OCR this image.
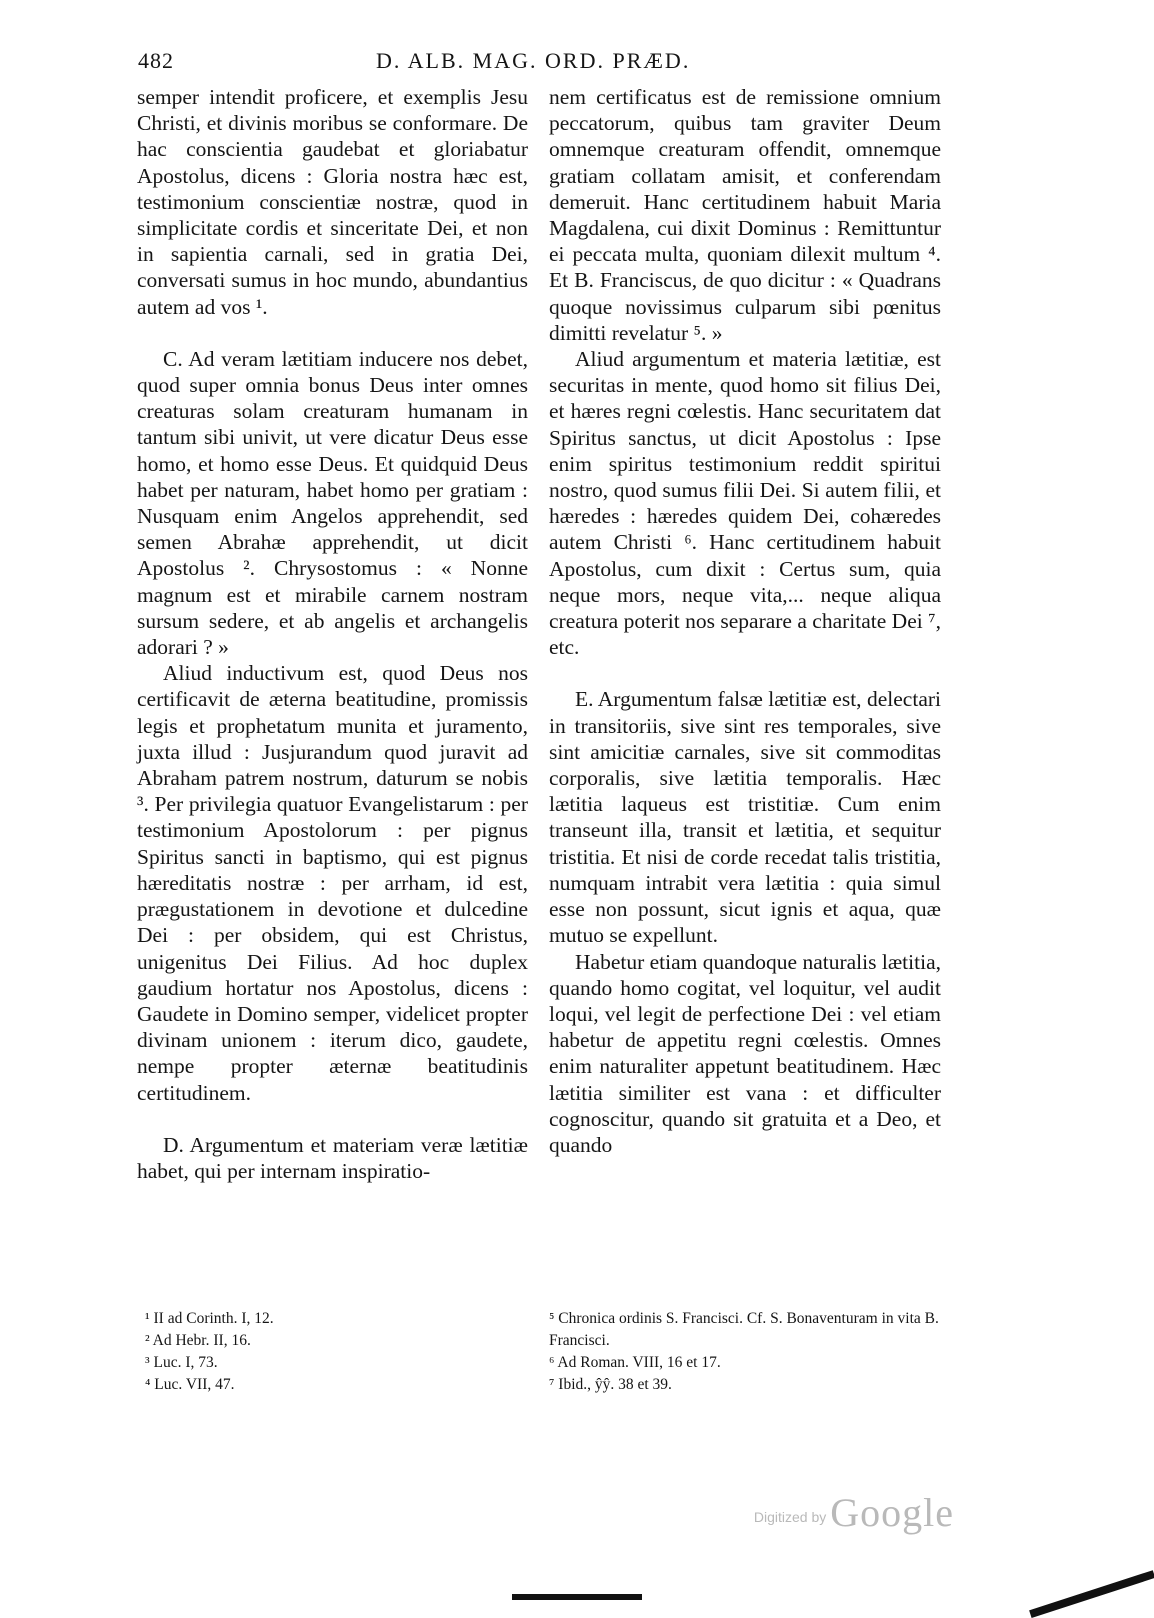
482	D. ALB. MAG. ORD. PRÆD.

semper intendit proficere, et exemplis Jesu Christi, et divinis moribus se conformare. De hac conscientia gaudebat et gloriabatur Apostolus, dicens : Gloria nostra hæc est, testimonium conscientiæ nostræ, quod in simplicitate cordis et sinceritate Dei, et non in sapientia carnali, sed in gratia Dei, conversati sumus in hoc mundo, abundantius autem ad vos ¹.

C. Ad veram lætitiam inducere nos debet, quod super omnia bonus Deus inter omnes creaturas solam creaturam humanam in tantum sibi univit, ut vere dicatur Deus esse homo, et homo esse Deus. Et quidquid Deus habet per naturam, habet homo per gratiam : Nusquam enim Angelos apprehendit, sed semen Abrahæ apprehendit, ut dicit Apostolus ². Chrysostomus : « Nonne magnum est et mirabile carnem nostram sursum sedere, et ab angelis et archangelis adorari ? »

Aliud inductivum est, quod Deus nos certificavit de æterna beatitudine, promissis legis et prophetatum munita et juramento, juxta illud : Jusjurandum quod juravit ad Abraham patrem nostrum, daturum se nobis ³. Per privilegia quatuor Evangelistarum : per testimonium Apostolorum : per pignus Spiritus sancti in baptismo, qui est pignus hæreditatis nostræ : per arrham, id est, prægustationem in devotione et dulcedine Dei : per obsidem, qui est Christus, unigenitus Dei Filius. Ad hoc duplex gaudium hortatur nos Apostolus, dicens : Gaudete in Domino semper, videlicet propter divinam unionem : iterum dico, gaudete, nempe propter æternæ beatitudinis certitudinem.

D. Argumentum et materiam veræ lætitiæ habet, qui per internam inspiratio-

nem certificatus est de remissione omnium peccatorum, quibus tam graviter Deum omnemque creaturam offendit, omnemque gratiam collatam amisit, et conferendam demeruit. Hanc certitudinem habuit Maria Magdalena, cui dixit Dominus : Remittuntur ei peccata multa, quoniam dilexit multum ⁴. Et B. Franciscus, de quo dicitur : « Quadrans quoque novissimus culparum sibi pœnitus dimitti revelatur ⁵. »

Aliud argumentum et materia lætitiæ, est securitas in mente, quod homo sit filius Dei, et hæres regni cœlestis. Hanc securitatem dat Spiritus sanctus, ut dicit Apostolus : Ipse enim spiritus testimonium reddit spiritui nostro, quod sumus filii Dei. Si autem filii, et hæredes : hæredes quidem Dei, cohæredes autem Christi ⁶. Hanc certitudinem habuit Apostolus, cum dixit : Certus sum, quia neque mors, neque vita,... neque aliqua creatura poterit nos separare a charitate Dei ⁷, etc.

E. Argumentum falsæ lætitiæ est, delectari in transitoriis, sive sint res temporales, sive sint amicitiæ carnales, sive sit commoditas corporalis, sive lætitia temporalis. Hæc lætitia laqueus est tristitiæ. Cum enim transeunt illa, transit et lætitia, et sequitur tristitia. Et nisi de corde recedat talis tristitia, numquam intrabit vera lætitia : quia simul esse non possunt, sicut ignis et aqua, quæ mutuo se expellunt.

Habetur etiam quandoque naturalis lætitia, quando homo cogitat, vel loquitur, vel audit loqui, vel legit de perfectione Dei : vel etiam habetur de appetitu regni cœlestis. Omnes enim naturaliter appetunt beatitudinem. Hæc lætitia similiter est vana : et difficulter cognoscitur, quando sit gratuita et a Deo, et quando

¹ II ad Corinth. I, 12.
² Ad Hebr. II, 16.
³ Luc. I, 73.
⁴ Luc. VII, 47.
⁵ Chronica ordinis S. Francisci. Cf. S. Bonaventuram in vita B. Francisci.
⁶ Ad Roman. VIII, 16 et 17.
⁷ Ibid., ŷŷ. 38 et 39.
Digitized by Google
